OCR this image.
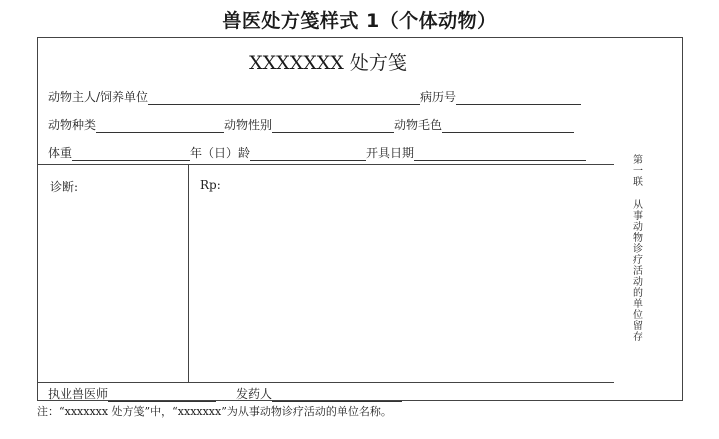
兽医处方笺样式 1（个体动物）
XXXXXXX 处方笺
动物主人/饲养单位	病历号
动物种类	动物性别	动物毛色
体重	年（日）龄	开具日期
诊断:	Rp:
执业兽医师	发药人
第一联
从事动物诊疗活动的单位留存
注：“xxxxxxx 处方笺”中，“xxxxxxx”为从事动物诊疗活动的单位名称。
